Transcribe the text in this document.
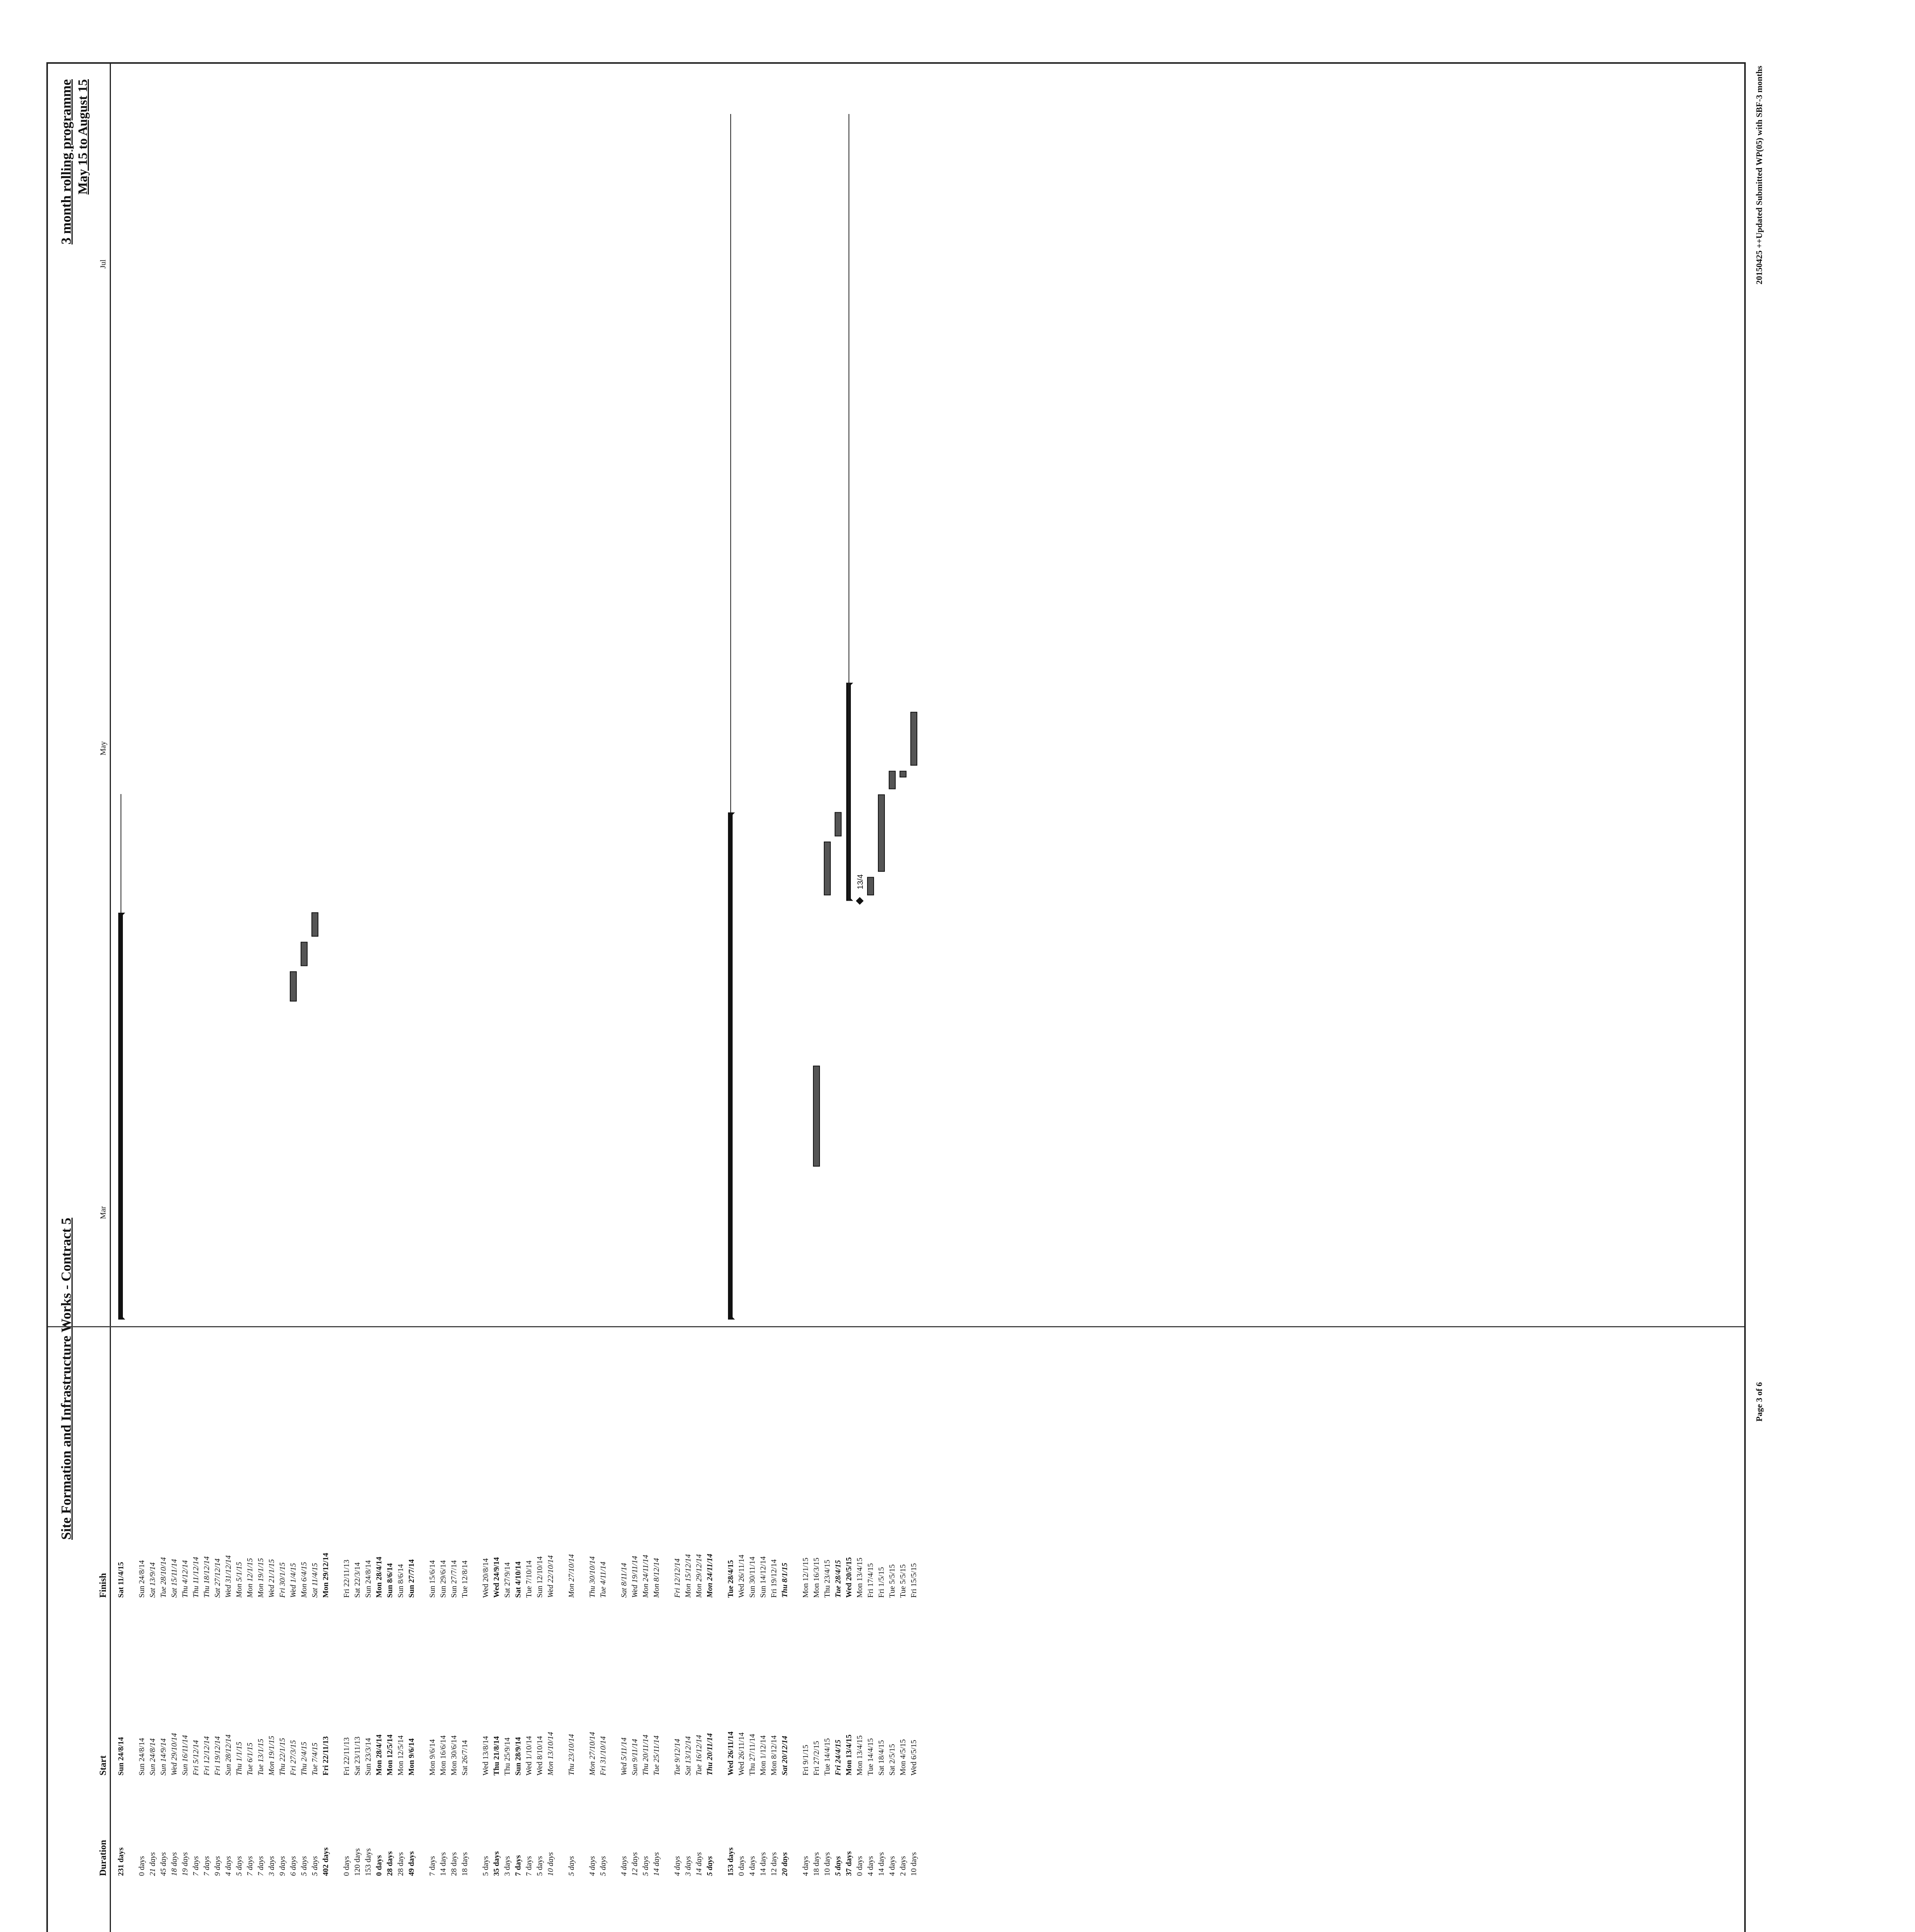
Site Formation and Infrastructure Works - Contract 5
3 month rolling programme May 15 to August 15
Duration
Start
Finish
Mar
May
Jul
231 days
Sun 24/8/14
Sat 11/4/15
0 days
Sun 24/8/14
Sun 24/8/14
21 days
Sun 24/8/14
Sat 13/9/14
45 days
Sun 14/9/14
Tue 28/10/14
18 days
Wed 29/10/14
Sat 15/11/14
19 days
Sun 16/11/14
Thu 4/12/14
7 days
Fri 5/12/14
Thu 11/12/14
7 days
Fri 12/12/14
Thu 18/12/14
9 days
Fri 19/12/14
Sat 27/12/14
4 days
Sun 28/12/14
Wed 31/12/14
5 days
Thu 1/1/15
Mon 5/1/15
7 days
Tue 6/1/15
Mon 12/1/15
7 days
Tue 13/1/15
Mon 19/1/15
3 days
Mon 19/1/15
Wed 21/1/15
9 days
Thu 22/1/15
Fri 30/1/15
6 days
Fri 27/3/15
Wed 1/4/15
5 days
Thu 2/4/15
Mon 6/4/15
5 days
Tue 7/4/15
Sat 11/4/15
402 days
Fri 22/11/13
Mon 29/12/14
0 days
Fri 22/11/13
Fri 22/11/13
120 days
Sat 23/11/13
Sat 22/3/14
153 days
Sun 23/3/14
Sun 24/8/14
0 days
Mon 28/4/14
Mon 28/4/14
28 days
Mon 12/5/14
Sun 8/6/14
28 days
Mon 12/5/14
Sun 8/6/14
49 days
Mon 9/6/14
Sun 27/7/14
7 days
Mon 9/6/14
Sun 15/6/14
14 days
Mon 16/6/14
Sun 29/6/14
28 days
Mon 30/6/14
Sun 27/7/14
18 days
Sat 26/7/14
Tue 12/8/14
5 days
Wed 13/8/14
Wed 20/8/14
35 days
Thu 21/8/14
Wed 24/9/14
3 days
Thu 25/9/14
Sat 27/9/14
7 days
Sun 28/9/14
Sat 4/10/14
7 days
Wed 1/10/14
Tue 7/10/14
5 days
Wed 8/10/14
Sun 12/10/14
10 days
Mon 13/10/14
Wed 22/10/14
5 days
Thu 23/10/14
Mon 27/10/14
4 days
Mon 27/10/14
Thu 30/10/14
5 days
Fri 31/10/14
Tue 4/11/14
4 days
Wed 5/11/14
Sat 8/11/14
12 days
Sun 9/11/14
Wed 19/11/14
5 days
Thu 20/11/14
Mon 24/11/14
14 days
Tue 25/11/14
Mon 8/12/14
4 days
Tue 9/12/14
Fri 12/12/14
3 days
Sat 13/12/14
Mon 15/12/14
14 days
Tue 16/12/14
Mon 29/12/14
5 days
Thu 20/11/14
Mon 24/11/14
153 days
Wed 26/11/14
Tue 28/4/15
0 days
Wed 26/11/14
Wed 26/11/14
4 days
Thu 27/11/14
Sun 30/11/14
14 days
Mon 1/12/14
Sun 14/12/14
12 days
Mon 8/12/14
Fri 19/12/14
20 days
Sat 20/12/14
Thu 8/1/15
4 days
Fri 9/1/15
Mon 12/1/15
18 days
Fri 27/2/15
Mon 16/3/15
10 days
Tue 14/4/15
Thu 23/4/15
5 days
Fri 24/4/15
Tue 28/4/15
37 days
Mon 13/4/15
Wed 20/5/15
0 days
Mon 13/4/15
Mon 13/4/15
4 days
Tue 14/4/15
Fri 17/4/15
14 days
Sat 18/4/15
Fri 1/5/15
4 days
Sat 2/5/15
Tue 5/5/15
2 days
Mon 4/5/15
Tue 5/5/15
10 days
Wed 6/5/15
Fri 15/5/15
13/4
Page 3 of 6
20150425 ++Updated Submitted WP(05) with SBF-3 months
